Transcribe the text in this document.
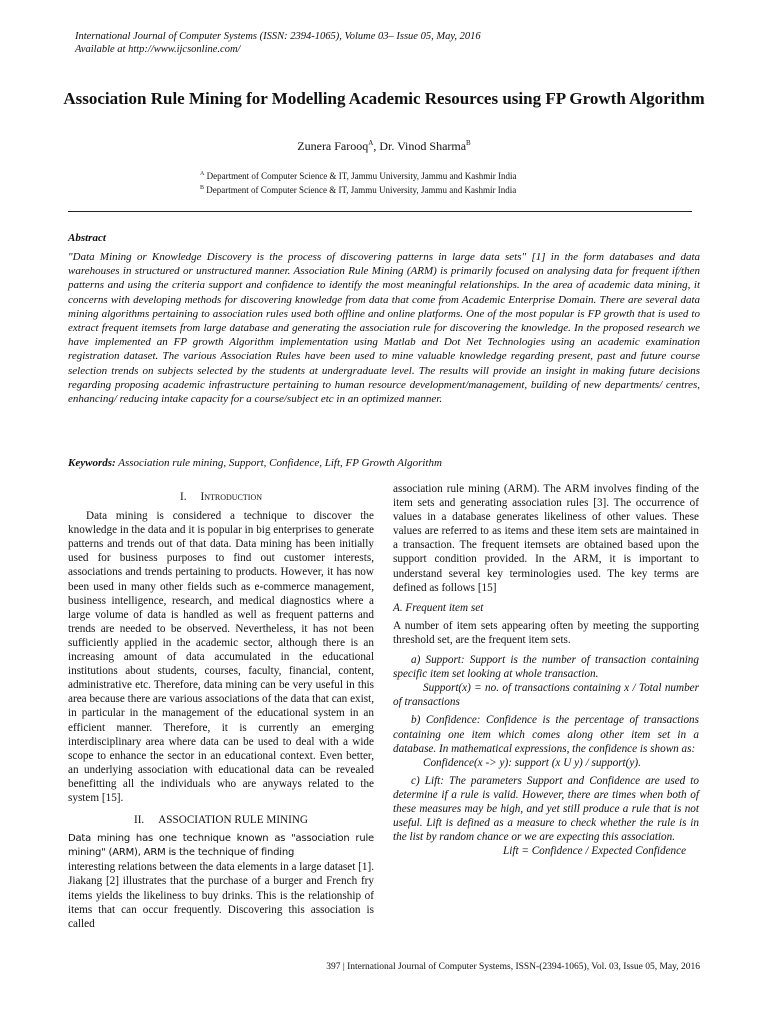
International Journal of Computer Systems (ISSN: 2394-1065), Volume 03– Issue 05, May, 2016
Available at http://www.ijcsonline.com/
Association Rule Mining for Modelling Academic Resources using FP Growth Algorithm
Zunera Farooq$^A$, Dr. Vinod Sharma$^B$
$^A$ Department of Computer Science & IT, Jammu University, Jammu and Kashmir India
$^B$ Department of Computer Science & IT, Jammu University, Jammu and Kashmir India
Abstract
"Data Mining or Knowledge Discovery is the process of discovering patterns in large data sets" [1] in the form databases and data warehouses in structured or unstructured manner. Association Rule Mining (ARM) is primarily focused on analysing data for frequent if/then patterns and using the criteria support and confidence to identify the most meaningful relationships. In the area of academic data mining, it concerns with developing methods for discovering knowledge from data that come from Academic Enterprise Domain. There are several data mining algorithms pertaining to association rules used both offline and online platforms. One of the most popular is FP growth that is used to extract frequent itemsets from large database and generating the association rule for discovering the knowledge. In the proposed research we have implemented an FP growth Algorithm implementation using Matlab and Dot Net Technologies using an academic examination registration dataset. The various Association Rules have been used to mine valuable knowledge regarding present, past and future course selection trends on subjects selected by the students at undergraduate level. The results will provide an insight in making future decisions regarding proposing academic infrastructure pertaining to human resource development/management, building of new departments/ centres, enhancing/ reducing intake capacity for a course/subject etc in an optimized manner.
Keywords: Association rule mining, Support, Confidence, Lift, FP Growth Algorithm
I. Introduction

Data mining is considered a technique to discover the knowledge in the data and it is popular in big enterprises to generate patterns and trends out of that data. Data mining has been initially used for business purposes to find out customer interests, associations and trends pertaining to products. However, it has now been used in many other fields such as e-commerce management, business intelligence, research, and medical diagnostics where a large volume of data is handled as well as frequent patterns and trends are needed to be observed. Nevertheless, it has not been sufficiently applied in the academic sector, although there is an increasing amount of data accumulated in the educational institutions about students, courses, faculty, financial, content, administrative etc. Therefore, data mining can be very useful in this area because there are various associations of the data that can exist, in particular in the management of the educational system in an efficient manner. Therefore, it is currently an emerging interdisciplinary area where data can be used to deal with a wide scope to enhance the sector in an educational context. Even better, an underlying association with educational data can be revealed benefitting all the individuals who are anyways related to the system [15].

II. ASSOCIATION RULE MINING

Data mining has one technique known as "association rule mining" (ARM), ARM is the technique of finding

interesting relations between the data elements in a large dataset [1]. Jiakang [2] illustrates that the purchase of a burger and French fry items yields the likeliness to buy drinks. This is the relationship of items that can occur frequently. Discovering this association is called

association rule mining (ARM). The ARM involves finding of the item sets and generating association rules [3]. The occurrence of values in a database generates likeliness of other values. These values are referred to as items and these item sets are maintained in a transaction. The frequent itemsets are obtained based upon the support condition provided. In the ARM, it is important to understand several key terminologies used. The key terms are defined as follows [15]

A. Frequent item set

A number of item sets appearing often by meeting the supporting threshold set, are the frequent item sets.

a) Support: Support is the number of transaction containing specific item set looking at whole transaction.

Support(x) = no. of transactions containing x / Total number of transactions

b) Confidence: Confidence is the percentage of transactions containing one item which comes along other item set in a database. In mathematical expressions, the confidence is shown as:

Confidence(x -> y): support (x U y) / support(y).

c) Lift: The parameters Support and Confidence are used to determine if a rule is valid. However, there are times when both of these measures may be high, and yet still produce a rule that is not useful. Lift is defined as a measure to check whether the rule is in the list by random chance or we are expecting this association.

Lift = Confidence / Expected Confidence

397 | International Journal of Computer Systems, ISSN-(2394-1065), Vol. 03, Issue 05, May, 2016
